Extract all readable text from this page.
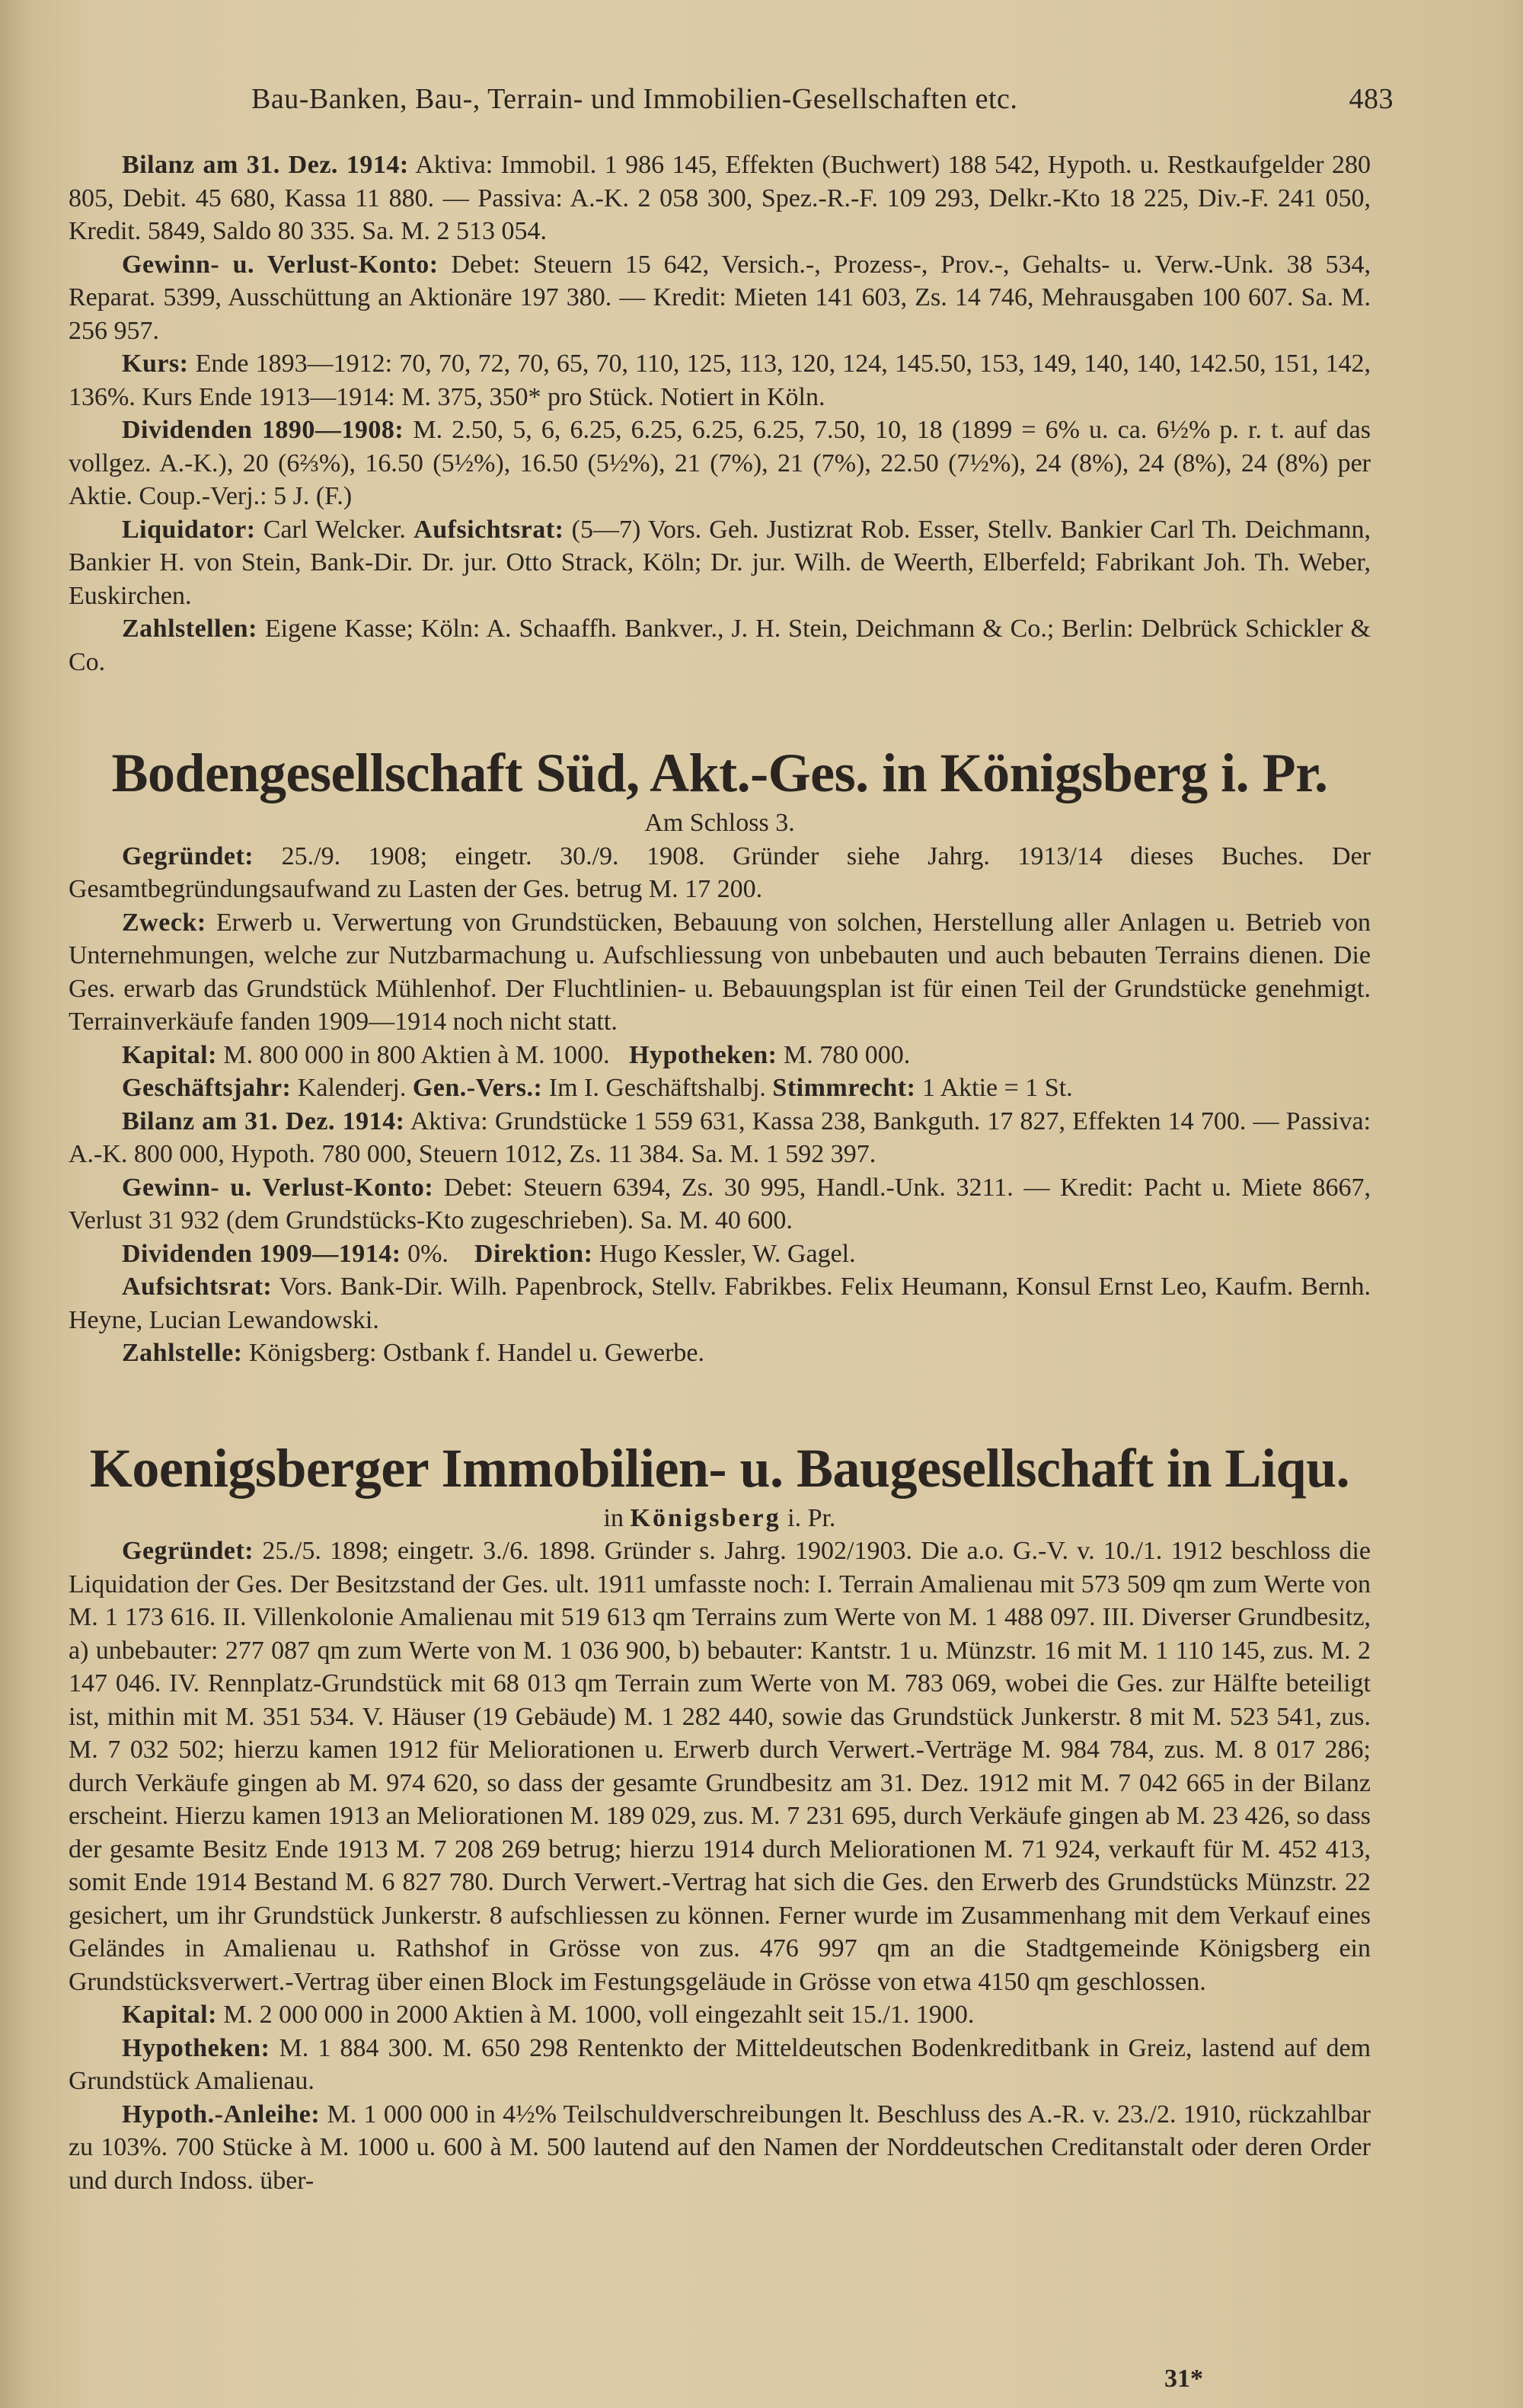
Bau-Banken, Bau-, Terrain- und Immobilien-Gesellschaften etc.	483

Bilanz am 31. Dez. 1914: Aktiva: Immobil. 1 986 145, Effekten (Buchwert) 188 542, Hypoth. u. Restkaufgelder 280 805, Debit. 45 680, Kassa 11 880. — Passiva: A.-K. 2 058 300, Spez.-R.-F. 109 293, Delkr.-Kto 18 225, Div.-F. 241 050, Kredit. 5849, Saldo 80 335. Sa. M. 2 513 054.

Gewinn- u. Verlust-Konto: Debet: Steuern 15 642, Versich.-, Prozess-, Prov.-, Gehalts- u. Verw.-Unk. 38 534, Reparat. 5399, Ausschüttung an Aktionäre 197 380. — Kredit: Mieten 141 603, Zs. 14 746, Mehrausgaben 100 607. Sa. M. 256 957.

Kurs: Ende 1893—1912: 70, 70, 72, 70, 65, 70, 110, 125, 113, 120, 124, 145.50, 153, 149, 140, 140, 142.50, 151, 142, 136%. Kurs Ende 1913—1914: M. 375, 350* pro Stück. Notiert in Köln.

Dividenden 1890—1908: M. 2.50, 5, 6, 6.25, 6.25, 6.25, 6.25, 7.50, 10, 18 (1899 = 6% u. ca. 6½% p. r. t. auf das vollgez. A.-K.), 20 (6⅔%), 16.50 (5½%), 16.50 (5½%), 21 (7%), 21 (7%), 22.50 (7½%), 24 (8%), 24 (8%), 24 (8%) per Aktie. Coup.-Verj.: 5 J. (F.)

Liquidator: Carl Welcker. Aufsichtsrat: (5—7) Vors. Geh. Justizrat Rob. Esser, Stellv. Bankier Carl Th. Deichmann, Bankier H. von Stein, Bank-Dir. Dr. jur. Otto Strack, Köln; Dr. jur. Wilh. de Weerth, Elberfeld; Fabrikant Joh. Th. Weber, Euskirchen.

Zahlstellen: Eigene Kasse; Köln: A. Schaaffh. Bankver., J. H. Stein, Deichmann & Co.; Berlin: Delbrück Schickler & Co.

Bodengesellschaft Süd, Akt.-Ges. in Königsberg i. Pr.

Am Schloss 3.

Gegründet: 25./9. 1908; eingetr. 30./9. 1908. Gründer siehe Jahrg. 1913/14 dieses Buches. Der Gesamtbegründungsaufwand zu Lasten der Ges. betrug M. 17 200.

Zweck: Erwerb u. Verwertung von Grundstücken, Bebauung von solchen, Herstellung aller Anlagen u. Betrieb von Unternehmungen, welche zur Nutzbarmachung u. Aufschliessung von unbebauten und auch bebauten Terrains dienen. Die Ges. erwarb das Grundstück Mühlenhof. Der Fluchtlinien- u. Bebauungsplan ist für einen Teil der Grundstücke genehmigt. Terrainverkäufe fanden 1909—1914 noch nicht statt.

Kapital: M. 800 000 in 800 Aktien à M. 1000. Hypotheken: M. 780 000.

Geschäftsjahr: Kalenderj. Gen.-Vers.: Im I. Geschäftshalbj. Stimmrecht: 1 Aktie = 1 St.

Bilanz am 31. Dez. 1914: Aktiva: Grundstücke 1 559 631, Kassa 238, Bankguth. 17 827, Effekten 14 700. — Passiva: A.-K. 800 000, Hypoth. 780 000, Steuern 1012, Zs. 11 384. Sa. M. 1 592 397.

Gewinn- u. Verlust-Konto: Debet: Steuern 6394, Zs. 30 995, Handl.-Unk. 3211. — Kredit: Pacht u. Miete 8667, Verlust 31 932 (dem Grundstücks-Kto zugeschrieben). Sa. M. 40 600.

Dividenden 1909—1914: 0%. Direktion: Hugo Kessler, W. Gagel.

Aufsichtsrat: Vors. Bank-Dir. Wilh. Papenbrock, Stellv. Fabrikbes. Felix Heumann, Konsul Ernst Leo, Kaufm. Bernh. Heyne, Lucian Lewandowski.

Zahlstelle: Königsberg: Ostbank f. Handel u. Gewerbe.

Koenigsberger Immobilien- u. Baugesellschaft in Liqu.

in Königsberg i. Pr.

Gegründet: 25./5. 1898; eingetr. 3./6. 1898. Gründer s. Jahrg. 1902/1903. Die a.o. G.-V. v. 10./1. 1912 beschloss die Liquidation der Ges. Der Besitzstand der Ges. ult. 1911 umfasste noch: I. Terrain Amalienau mit 573 509 qm zum Werte von M. 1 173 616. II. Villenkolonie Amalienau mit 519 613 qm Terrains zum Werte von M. 1 488 097. III. Diverser Grundbesitz, a) unbebauter: 277 087 qm zum Werte von M. 1 036 900, b) bebauter: Kantstr. 1 u. Münzstr. 16 mit M. 1 110 145, zus. M. 2 147 046. IV. Rennplatz-Grundstück mit 68 013 qm Terrain zum Werte von M. 783 069, wobei die Ges. zur Hälfte beteiligt ist, mithin mit M. 351 534. V. Häuser (19 Gebäude) M. 1 282 440, sowie das Grundstück Junkerstr. 8 mit M. 523 541, zus. M. 7 032 502; hierzu kamen 1912 für Meliorationen u. Erwerb durch Verwert.-Verträge M. 984 784, zus. M. 8 017 286; durch Verkäufe gingen ab M. 974 620, so dass der gesamte Grundbesitz am 31. Dez. 1912 mit M. 7 042 665 in der Bilanz erscheint. Hierzu kamen 1913 an Meliorationen M. 189 029, zus. M. 7 231 695, durch Verkäufe gingen ab M. 23 426, so dass der gesamte Besitz Ende 1913 M. 7 208 269 betrug; hierzu 1914 durch Meliorationen M. 71 924, verkauft für M. 452 413, somit Ende 1914 Bestand M. 6 827 780. Durch Verwert.-Vertrag hat sich die Ges. den Erwerb des Grundstücks Münzstr. 22 gesichert, um ihr Grundstück Junkerstr. 8 aufschliessen zu können. Ferner wurde im Zusammenhang mit dem Verkauf eines Geländes in Amalienau u. Rathshof in Grösse von zus. 476 997 qm an die Stadtgemeinde Königsberg ein Grundstücksverwert.-Vertrag über einen Block im Festungsgeläude in Grösse von etwa 4150 qm geschlossen.

Kapital: M. 2 000 000 in 2000 Aktien à M. 1000, voll eingezahlt seit 15./1. 1900.

Hypotheken: M. 1 884 300. M. 650 298 Rentenkto der Mitteldeutschen Bodenkreditbank in Greiz, lastend auf dem Grundstück Amalienau.

Hypoth.-Anleihe: M. 1 000 000 in 4½% Teilschuldverschreibungen lt. Beschluss des A.-R. v. 23./2. 1910, rückzahlbar zu 103%. 700 Stücke à M. 1000 u. 600 à M. 500 lautend auf den Namen der Norddeutschen Creditanstalt oder deren Order und durch Indoss. über-

31*
